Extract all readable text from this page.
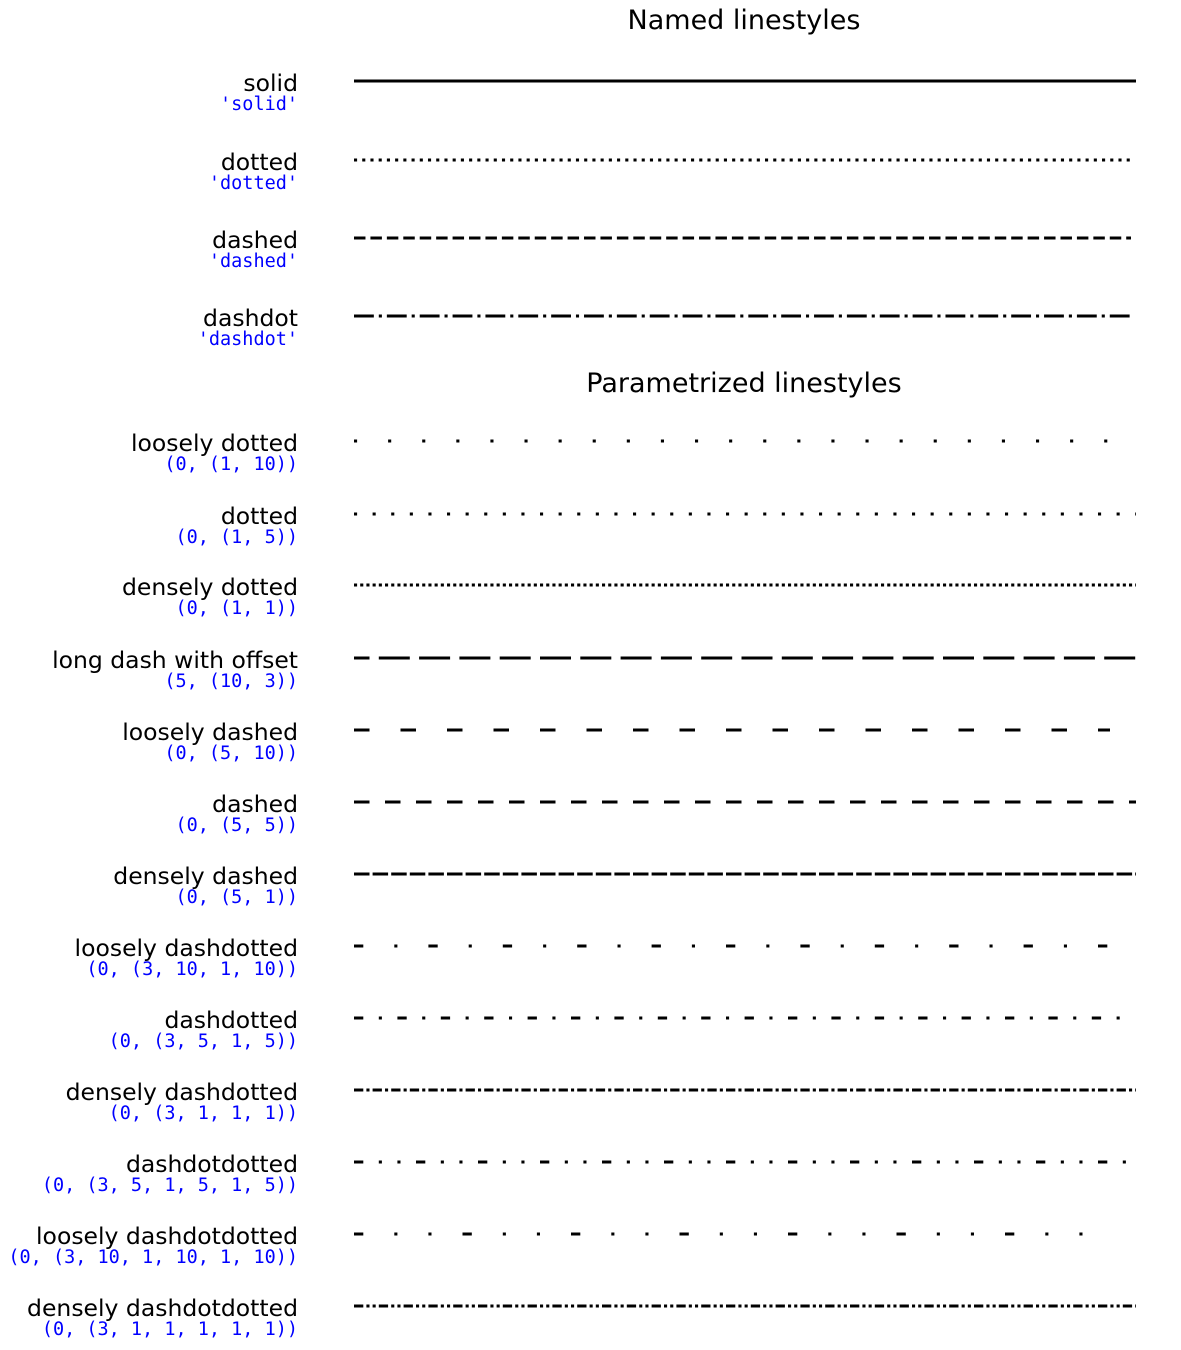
Named linestyles
solid
'solid'
dotted
'dotted'
dashed
'dashed'
dashdot
'dashdot'
Parametrized linestyles
loosely dotted
(0, (1, 10))
dotted
(0, (1, 5))
densely dotted
(0, (1, 1))
long dash with offset
(5, (10, 3))
loosely dashed
(0, (5, 10))
dashed
(0, (5, 5))
densely dashed
(0, (5, 1))
loosely dashdotted
(0, (3, 10, 1, 10))
dashdotted
(0, (3, 5, 1, 5))
densely dashdotted
(0, (3, 1, 1, 1))
dashdotdotted
(0, (3, 5, 1, 5, 1, 5))
loosely dashdotdotted
(0, (3, 10, 1, 10, 1, 10))
densely dashdotdotted
(0, (3, 1, 1, 1, 1, 1))
